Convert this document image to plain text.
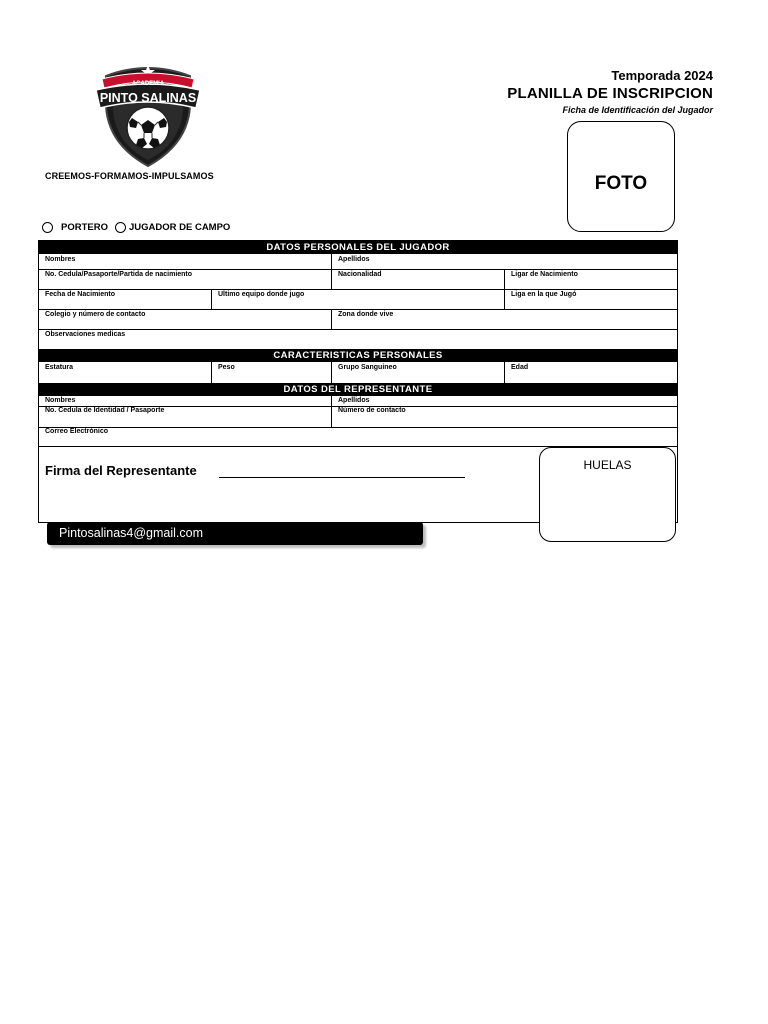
ACADEMIA
PINTO SALINAS
CREEMOS-FORMAMOS-IMPULSAMOS
Temporada 2024
PLANILLA DE INSCRIPCION
Ficha de Identificación del Jugador
FOTO
PORTERO JUGADOR DE CAMPO
DATOS PERSONALES DEL JUGADOR
Nombres	Apellidos
No. Cedula/Pasaporte/Partida de nacimiento	Nacionalidad	Ligar de Nacimiento
Fecha de Nacimiento	Ultimo equipo donde jugo	Liga en la que Jugó
Colegio y número de contacto	Zona donde vive
Observaciones medicas
CARACTERISTICAS PERSONALES
Estatura	Peso	Grupo Sanguineo	Edad
DATOS DEL REPRESENTANTE
Nombres	Apellidos
No. Cedula de Identidad / Pasaporte	Número de contacto
Correo Electrónico
Firma del Representante	HUELAS
Pintosalinas4@gmail.com
